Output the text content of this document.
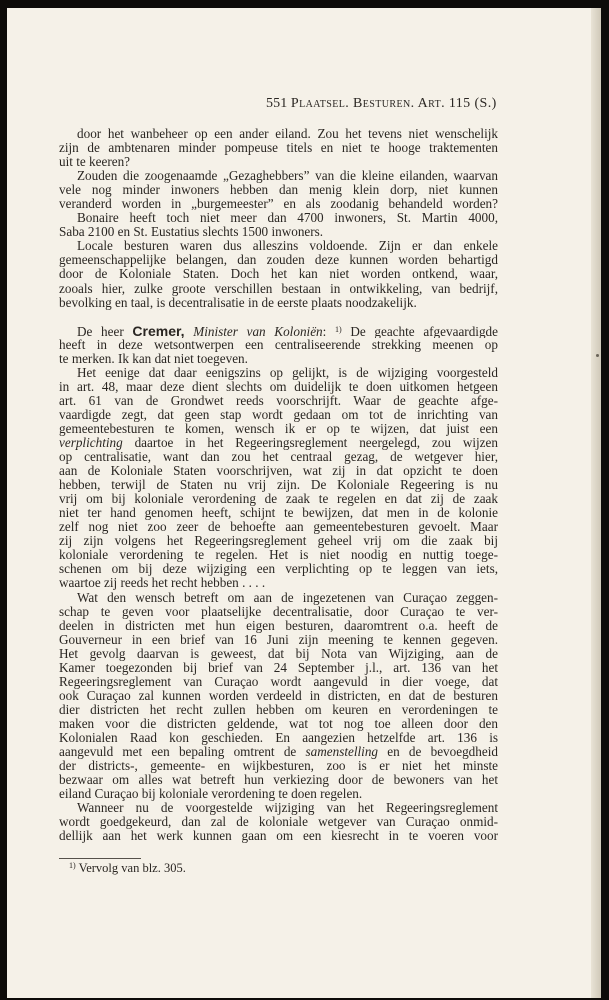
551 Plaatsel. Besturen. Art. 115 (S.)
door het wanbeheer op een ander eiland. Zou het tevens niet wenschelijk
zijn de ambtenaren minder pompeuse titels en niet te hooge traktementen
uit te keeren?
Zouden die zoogenaamde „Gezaghebbers” van die kleine eilanden, waarvan
vele nog minder inwoners hebben dan menig klein dorp, niet kunnen
veranderd worden in „burgemeester” en als zoodanig behandeld worden?
Bonaire heeft toch niet meer dan 4700 inwoners, St. Martin 4000,
Saba 2100 en St. Eustatius slechts 1500 inwoners.
Locale besturen waren dus alleszins voldoende. Zijn er dan enkele
gemeenschappelijke belangen, dan zouden deze kunnen worden behartigd
door de Koloniale Staten. Doch het kan niet worden ontkend, waar,
zooals hier, zulke groote verschillen bestaan in ontwikkeling, van bedrijf,
bevolking en taal, is decentralisatie in de eerste plaats noodzakelijk.
De heer Cremer, Minister van Koloniën: $^{1)}$ De geachte afgevaardigde
heeft in deze wetsontwerpen een centraliseerende strekking meenen op
te merken. Ik kan dat niet toegeven.
Het eenige dat daar eenigszins op gelijkt, is de wijziging voorgesteld
in art. 48, maar deze dient slechts om duidelijk te doen uitkomen hetgeen
art. 61 van de Grondwet reeds voorschrijft. Waar de geachte afge-
vaardigde zegt, dat geen stap wordt gedaan om tot de inrichting van
gemeentebesturen te komen, wensch ik er op te wijzen, dat juist een
verplichting daartoe in het Regeeringsreglement neergelegd, zou wijzen
op centralisatie, want dan zou het centraal gezag, de wetgever hier,
aan de Koloniale Staten voorschrijven, wat zij in dat opzicht te doen
hebben, terwijl de Staten nu vrij zijn. De Koloniale Regeering is nu
vrij om bij koloniale verordening de zaak te regelen en dat zij de zaak
niet ter hand genomen heeft, schijnt te bewijzen, dat men in de kolonie
zelf nog niet zoo zeer de behoefte aan gemeentebesturen gevoelt. Maar
zij zijn volgens het Regeeringsreglement geheel vrij om die zaak bij
koloniale verordening te regelen. Het is niet noodig en nuttig toege-
schenen om bij deze wijziging een verplichting op te leggen van iets,
waartoe zij reeds het recht hebben . . . .
Wat den wensch betreft om aan de ingezetenen van Curaçao zeggen-
schap te geven voor plaatselijke decentralisatie, door Curaçao te ver-
deelen in districten met hun eigen besturen, daaromtrent o.a. heeft de
Gouverneur in een brief van 16 Juni zijn meening te kennen gegeven.
Het gevolg daarvan is geweest, dat bij Nota van Wijziging, aan de
Kamer toegezonden bij brief van 24 September j.l., art. 136 van het
Regeeringsreglement van Curaçao wordt aangevuld in dier voege, dat
ook Curaçao zal kunnen worden verdeeld in districten, en dat de besturen
dier districten het recht zullen hebben om keuren en verordeningen te
maken voor die districten geldende, wat tot nog toe alleen door den
Kolonialen Raad kon geschieden. En aangezien hetzelfde art. 136 is
aangevuld met een bepaling omtrent de samenstelling en de bevoegdheid
der districts-, gemeente- en wijkbesturen, zoo is er niet het minste
bezwaar om alles wat betreft hun verkiezing door de bewoners van het
eiland Curaçao bij koloniale verordening te doen regelen.
Wanneer nu de voorgestelde wijziging van het Regeeringsreglement
wordt goedgekeurd, dan zal de koloniale wetgever van Curaçao onmid-
dellijk aan het werk kunnen gaan om een kiesrecht in te voeren voor
$^{1)}$ Vervolg van blz. 305.
